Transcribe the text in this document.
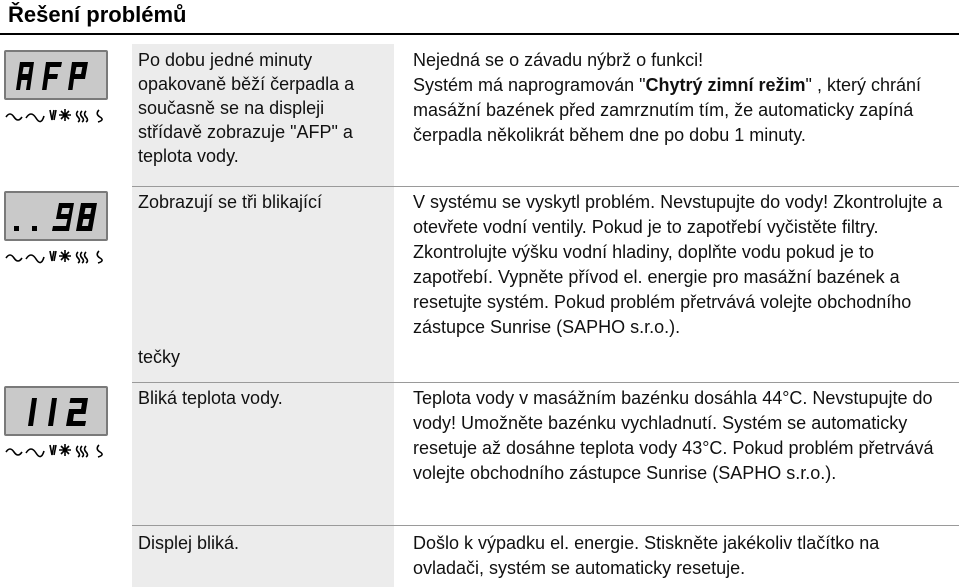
Řešení problémů
Po dobu jedné minuty opakovaně běží čerpadla a současně se na displeji střídavě zobrazuje "AFP" a teplota vody.
Nejedná se o závadu nýbrž o funkci!
Systém má naprogramován "Chytrý zimní režim" , který chrání masážní bazének před zamrznutím tím, že automaticky zapíná čerpadla několikrát během dne po dobu 1 minuty.
Zobrazují se tři blikající
tečky
V systému se vyskytl problém. Nevstupujte do vody! Zkontrolujte a otevřete vodní ventily. Pokud je to zapotřebí vyčistěte filtry. Zkontrolujte výšku vodní hladiny, doplňte vodu pokud je to zapotřebí. Vypněte přívod el. energie pro masážní bazének a resetujte systém. Pokud problém přetrvává volejte obchodního zástupce Sunrise (SAPHO s.r.o.).
Bliká teplota vody.	Teplota vody v masážním bazénku dosáhla 44°C. Nevstupujte do vody! Umožněte bazénku vychladnutí. Systém se automaticky resetuje až dosáhne teplota vody 43°C. Pokud problém přetrvává volejte obchodního zástupce Sunrise (SAPHO s.r.o.).
Displej bliká.	Došlo k výpadku el. energie. Stiskněte jakékoliv tlačítko na ovladači, systém se automaticky resetuje.
